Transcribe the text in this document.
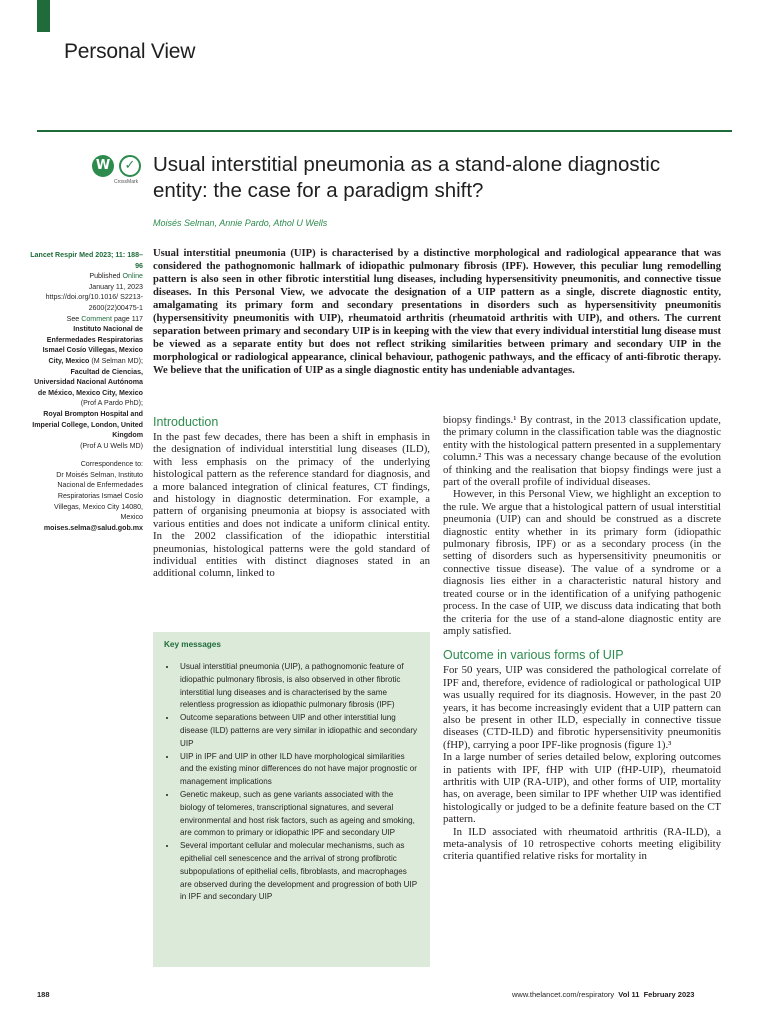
Personal View
W	✓
CrossMark
Usual interstitial pneumonia as a stand-alone diagnostic entity: the case for a paradigm shift?
Moisés Selman, Annie Pardo, Athol U Wells
Lancet Respir Med 2023; 11: 188–96
Published Online
January 11, 2023
https://doi.org/10.1016/ S2213-2600(22)00475-1
See Comment page 117
Instituto Nacional de Enfermedades Respiratorias Ismael Cosío Villegas, Mexico City, Mexico (M Selman MD);
Facultad de Ciencias, Universidad Nacional Autónoma de México, Mexico City, Mexico (Prof A Pardo PhD);
Royal Brompton Hospital and Imperial College, London, United Kingdom
(Prof A U Wells MD)
Correspondence to:
Dr Moisés Selman, Instituto Nacional de Enfermedades Respiratorias Ismael Cosío Villegas, Mexico City 14080, Mexico
moises.selma@salud.gob.mx
Usual interstitial pneumonia (UIP) is characterised by a distinctive morphological and radiological appearance that was considered the pathognomonic hallmark of idiopathic pulmonary fibrosis (IPF). However, this peculiar lung remodelling pattern is also seen in other fibrotic interstitial lung diseases, including hypersensitivity pneumonitis, and connective tissue diseases. In this Personal View, we advocate the designation of a UIP pattern as a single, discrete diagnostic entity, amalgamating its primary form and secondary presentations in disorders such as hypersensitivity pneumonitis (hypersensitivity pneumonitis with UIP), rheumatoid arthritis (rheumatoid arthritis with UIP), and others. The current separation between primary and secondary UIP is in keeping with the view that every individual interstitial lung disease must be viewed as a separate entity but does not reflect striking similarities between primary and secondary UIP in the morphological or radiological appearance, clinical behaviour, pathogenic pathways, and the efficacy of anti-fibrotic therapy. We believe that the unification of UIP as a single diagnostic entity has undeniable advantages.
Introduction

In the past few decades, there has been a shift in emphasis in the designation of individual interstitial lung diseases (ILD), with less emphasis on the primacy of the underlying histological pattern as the reference standard for diagnosis, and a more balanced integration of clinical features, CT findings, and histology in diagnostic determination. For example, a pattern of organising pneumonia at biopsy is associated with various entities and does not indicate a uniform clinical entity. In the 2002 classification of the idiopathic interstitial pneumonias, histological patterns were the gold standard of individual entities with distinct diagnoses stated in an additional column, linked to

Key messages
• Usual interstitial pneumonia (UIP), a pathognomonic feature of idiopathic pulmonary fibrosis, is also observed in other fibrotic interstitial lung diseases and is characterised by the same relentless progression as idiopathic pulmonary fibrosis (IPF)
• Outcome separations between UIP and other interstitial lung disease (ILD) patterns are very similar in idiopathic and secondary UIP
• UIP in IPF and UIP in other ILD have morphological similarities and the existing minor differences do not have major prognostic or management implications
• Genetic makeup, such as gene variants associated with the biology of telomeres, transcriptional signatures, and several environmental and host risk factors, such as ageing and smoking, are common to primary or idiopathic IPF and secondary UIP
• Several important cellular and molecular mechanisms, such as epithelial cell senescence and the arrival of strong profibrotic subpopulations of epithelial cells, fibroblasts, and macrophages are observed during the development and progression of both UIP in IPF and secondary UIP

biopsy findings.¹ By contrast, in the 2013 classification update, the primary column in the classification table was the diagnostic entity with the histological pattern presented in a supplementary column.² This was a necessary change because of the evolution of thinking and the realisation that biopsy findings were just a part of the overall profile of individual diseases.

However, in this Personal View, we highlight an exception to the rule. We argue that a histological pattern of usual interstitial pneumonia (UIP) can and should be construed as a discrete diagnostic entity whether in its primary form (idiopathic pulmonary fibrosis, IPF) or as a secondary process (in the setting of disorders such as hypersensitivity pneumonitis or connective tissue disease). The value of a syndrome or a diagnosis lies either in a characteristic natural history and treated course or in the identification of a unifying pathogenic process. In the case of UIP, we discuss data indicating that both the criteria for the use of a stand-alone diagnostic entity are amply satisfied.

Outcome in various forms of UIP

For 50 years, UIP was considered the pathological correlate of IPF and, therefore, evidence of radiological or pathological UIP was usually required for its diagnosis. However, in the past 20 years, it has become increasingly evident that a UIP pattern can also be present in other ILD, especially in connective tissue diseases (CTD-ILD) and fibrotic hypersensitivity pneumonitis (fHP), carrying a poor IPF-like prognosis (figure 1).³

In a large number of series detailed below, exploring outcomes in patients with IPF, fHP with UIP (fHP-UIP), rheumatoid arthritis with UIP (RA-UIP), and other forms of UIP, mortality has, on average, been similar to IPF whether UIP was identified histologically or judged to be a definite feature based on the CT pattern.

In ILD associated with rheumatoid arthritis (RA-ILD), a meta-analysis of 10 retrospective cohorts meeting eligibility criteria quantified relative risks for mortality in

188	www.thelancet.com/respiratory Vol 11 February 2023
